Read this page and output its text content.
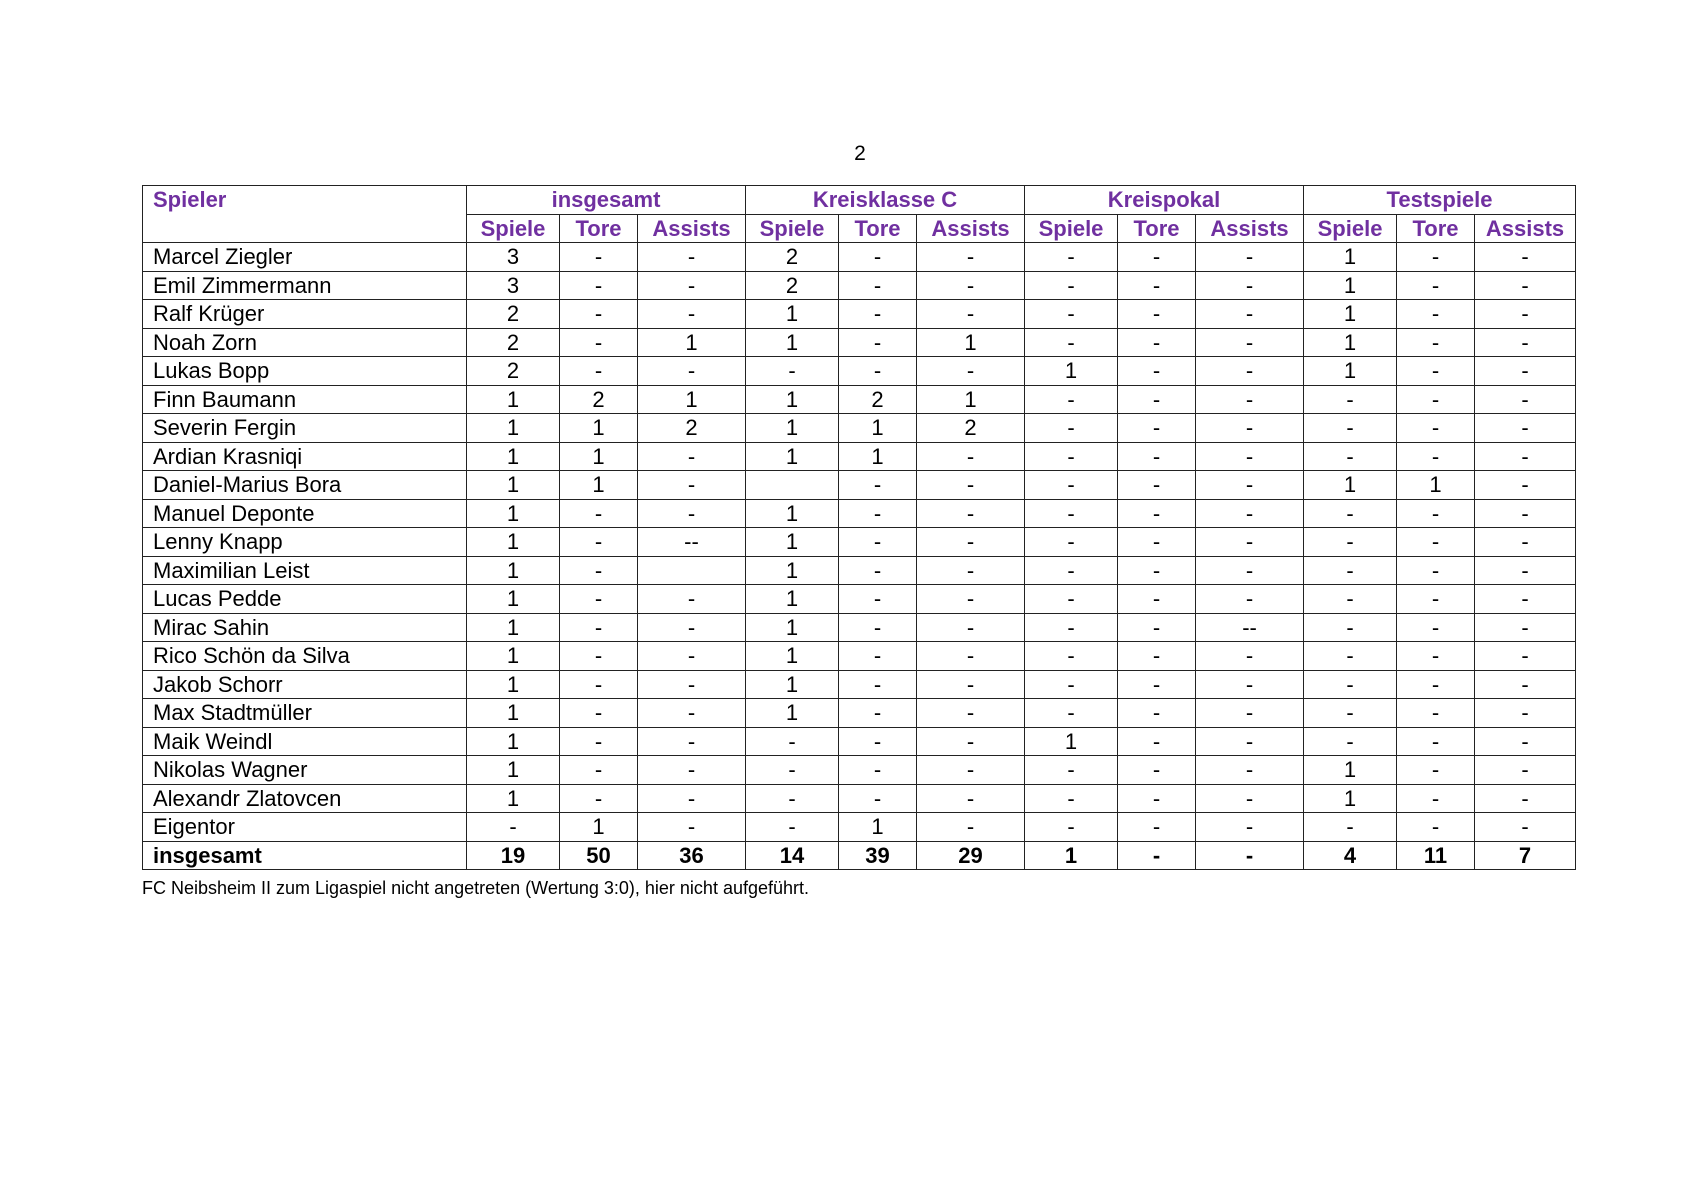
2
Spieler	insgesamt			Kreisklasse C			Kreispokal			Testspiele		
	Spiele	Tore	Assists	Spiele	Tore	Assists	Spiele	Tore	Assists	Spiele	Tore	Assists
Marcel Ziegler	3	-	-	2	-	-	-	-	-	1	-	-
Emil Zimmermann	3	-	-	2	-	-	-	-	-	1	-	-
Ralf Krüger	2	-	-	1	-	-	-	-	-	1	-	-
Noah Zorn	2	-	1	1	-	1	-	-	-	1	-	-
Lukas Bopp	2	-	-	-	-	-	1	-	-	1	-	-
Finn Baumann	1	2	1	1	2	1	-	-	-	-	-	-
Severin Fergin	1	1	2	1	1	2	-	-	-	-	-	-
Ardian Krasniqi	1	1	-	1	1	-	-	-	-	-	-	-
Daniel-Marius Bora	1	1	-		-	-	-	-	-	1	1	-
Manuel Deponte	1	-	-	1	-	-	-	-	-	-	-	-
Lenny Knapp	1	-	--	1	-	-	-	-	-	-	-	-
Maximilian Leist	1	-		1	-	-	-	-	-	-	-	-
Lucas Pedde	1	-	-	1	-	-	-	-	-	-	-	-
Mirac Sahin	1	-	-	1	-	-	-	-	--	-	-	-
Rico Schön da Silva	1	-	-	1	-	-	-	-	-	-	-	-
Jakob Schorr	1	-	-	1	-	-	-	-	-	-	-	-
Max Stadtmüller	1	-	-	1	-	-	-	-	-	-	-	-
Maik Weindl	1	-	-	-	-	-	1	-	-	-	-	-
Nikolas Wagner	1	-	-	-	-	-	-	-	-	1	-	-
Alexandr Zlatovcen	1	-	-	-	-	-	-	-	-	1	-	-
Eigentor	-	1	-	-	1	-	-	-	-	-	-	-
insgesamt	19	50	36	14	39	29	1	-	-	4	11	7
FC Neibsheim II zum Ligaspiel nicht angetreten (Wertung 3:0), hier nicht aufgeführt.
